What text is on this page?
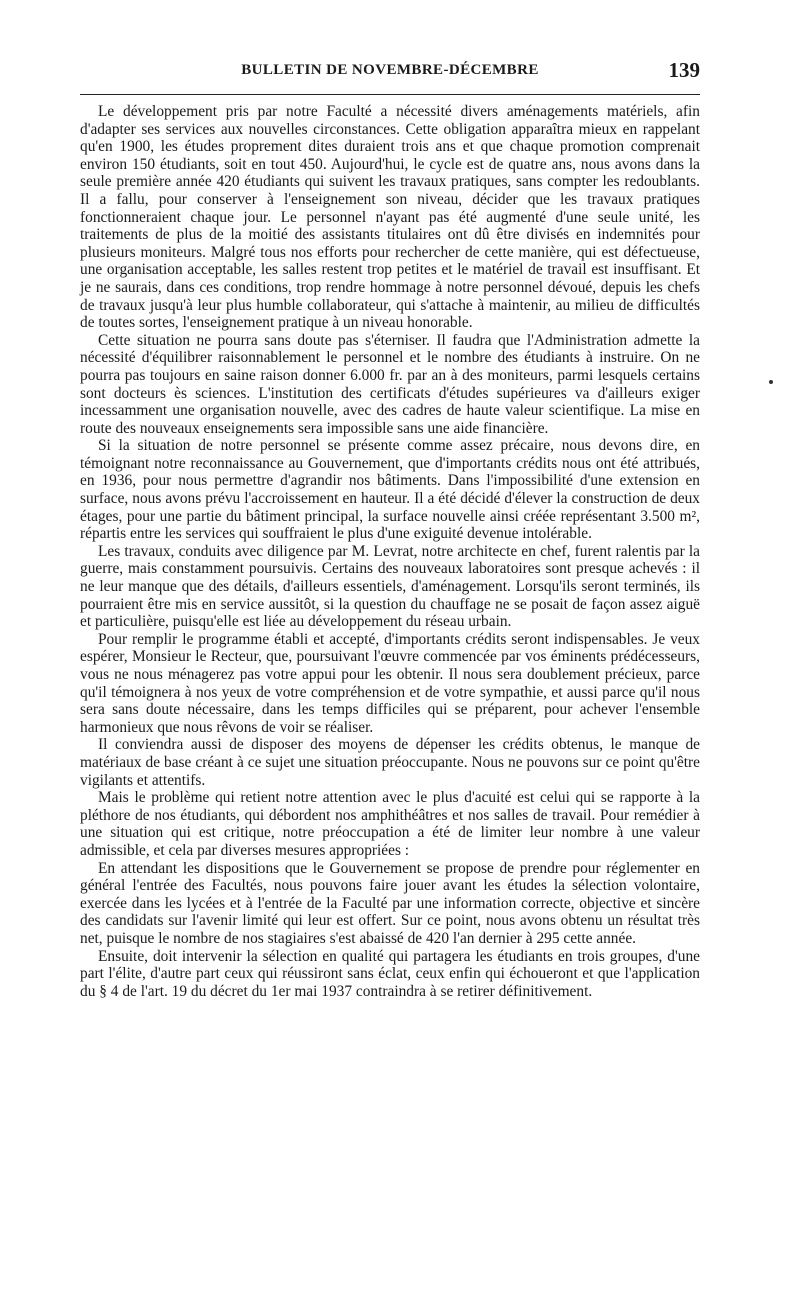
BULLETIN DE NOVEMBRE-DÉCEMBRE	139

Le développement pris par notre Faculté a nécessité divers aménagements matériels, afin d'adapter ses services aux nouvelles circonstances. Cette obligation apparaîtra mieux en rappelant qu'en 1900, les études proprement dites duraient trois ans et que chaque promotion comprenait environ 150 étudiants, soit en tout 450. Aujourd'hui, le cycle est de quatre ans, nous avons dans la seule première année 420 étudiants qui suivent les travaux pratiques, sans compter les redoublants. Il a fallu, pour conserver à l'enseignement son niveau, décider que les travaux pratiques fonctionneraient chaque jour. Le personnel n'ayant pas été augmenté d'une seule unité, les traitements de plus de la moitié des assistants titulaires ont dû être divisés en indemnités pour plusieurs moniteurs. Malgré tous nos efforts pour rechercher de cette manière, qui est défectueuse, une organisation acceptable, les salles restent trop petites et le matériel de travail est insuffisant. Et je ne saurais, dans ces conditions, trop rendre hommage à notre personnel dévoué, depuis les chefs de travaux jusqu'à leur plus humble collaborateur, qui s'attache à maintenir, au milieu de difficultés de toutes sortes, l'enseignement pratique à un niveau honorable.

Cette situation ne pourra sans doute pas s'éterniser. Il faudra que l'Administration admette la nécessité d'équilibrer raisonnablement le personnel et le nombre des étudiants à instruire. On ne pourra pas toujours en saine raison donner 6.000 fr. par an à des moniteurs, parmi lesquels certains sont docteurs ès sciences. L'institution des certificats d'études supérieures va d'ailleurs exiger incessamment une organisation nouvelle, avec des cadres de haute valeur scientifique. La mise en route des nouveaux enseignements sera impossible sans une aide financière.

Si la situation de notre personnel se présente comme assez précaire, nous devons dire, en témoignant notre reconnaissance au Gouvernement, que d'importants crédits nous ont été attribués, en 1936, pour nous permettre d'agrandir nos bâtiments. Dans l'impossibilité d'une extension en surface, nous avons prévu l'accroissement en hauteur. Il a été décidé d'élever la construction de deux étages, pour une partie du bâtiment principal, la surface nouvelle ainsi créée représentant 3.500 m², répartis entre les services qui souffraient le plus d'une exiguité devenue intolérable.

Les travaux, conduits avec diligence par M. Levrat, notre architecte en chef, furent ralentis par la guerre, mais constamment poursuivis. Certains des nouveaux laboratoires sont presque achevés : il ne leur manque que des détails, d'ailleurs essentiels, d'aménagement. Lorsqu'ils seront terminés, ils pourraient être mis en service aussitôt, si la question du chauffage ne se posait de façon assez aiguë et particulière, puisqu'elle est liée au développement du réseau urbain.

Pour remplir le programme établi et accepté, d'importants crédits seront indispensables. Je veux espérer, Monsieur le Recteur, que, poursuivant l'œuvre commencée par vos éminents prédécesseurs, vous ne nous ménagerez pas votre appui pour les obtenir. Il nous sera doublement précieux, parce qu'il témoignera à nos yeux de votre compréhension et de votre sympathie, et aussi parce qu'il nous sera sans doute nécessaire, dans les temps difficiles qui se préparent, pour achever l'ensemble harmonieux que nous rêvons de voir se réaliser.

Il conviendra aussi de disposer des moyens de dépenser les crédits obtenus, le manque de matériaux de base créant à ce sujet une situation préoccupante. Nous ne pouvons sur ce point qu'être vigilants et attentifs.

Mais le problème qui retient notre attention avec le plus d'acuité est celui qui se rapporte à la pléthore de nos étudiants, qui débordent nos amphithéâtres et nos salles de travail. Pour remédier à une situation qui est critique, notre préoccupation a été de limiter leur nombre à une valeur admissible, et cela par diverses mesures appropriées :

En attendant les dispositions que le Gouvernement se propose de prendre pour réglementer en général l'entrée des Facultés, nous pouvons faire jouer avant les études la sélection volontaire, exercée dans les lycées et à l'entrée de la Faculté par une information correcte, objective et sincère des candidats sur l'avenir limité qui leur est offert. Sur ce point, nous avons obtenu un résultat très net, puisque le nombre de nos stagiaires s'est abaissé de 420 l'an dernier à 295 cette année.

Ensuite, doit intervenir la sélection en qualité qui partagera les étudiants en trois groupes, d'une part l'élite, d'autre part ceux qui réussiront sans éclat, ceux enfin qui échoueront et que l'application du § 4 de l'art. 19 du décret du 1er mai 1937 contraindra à se retirer définitivement.
